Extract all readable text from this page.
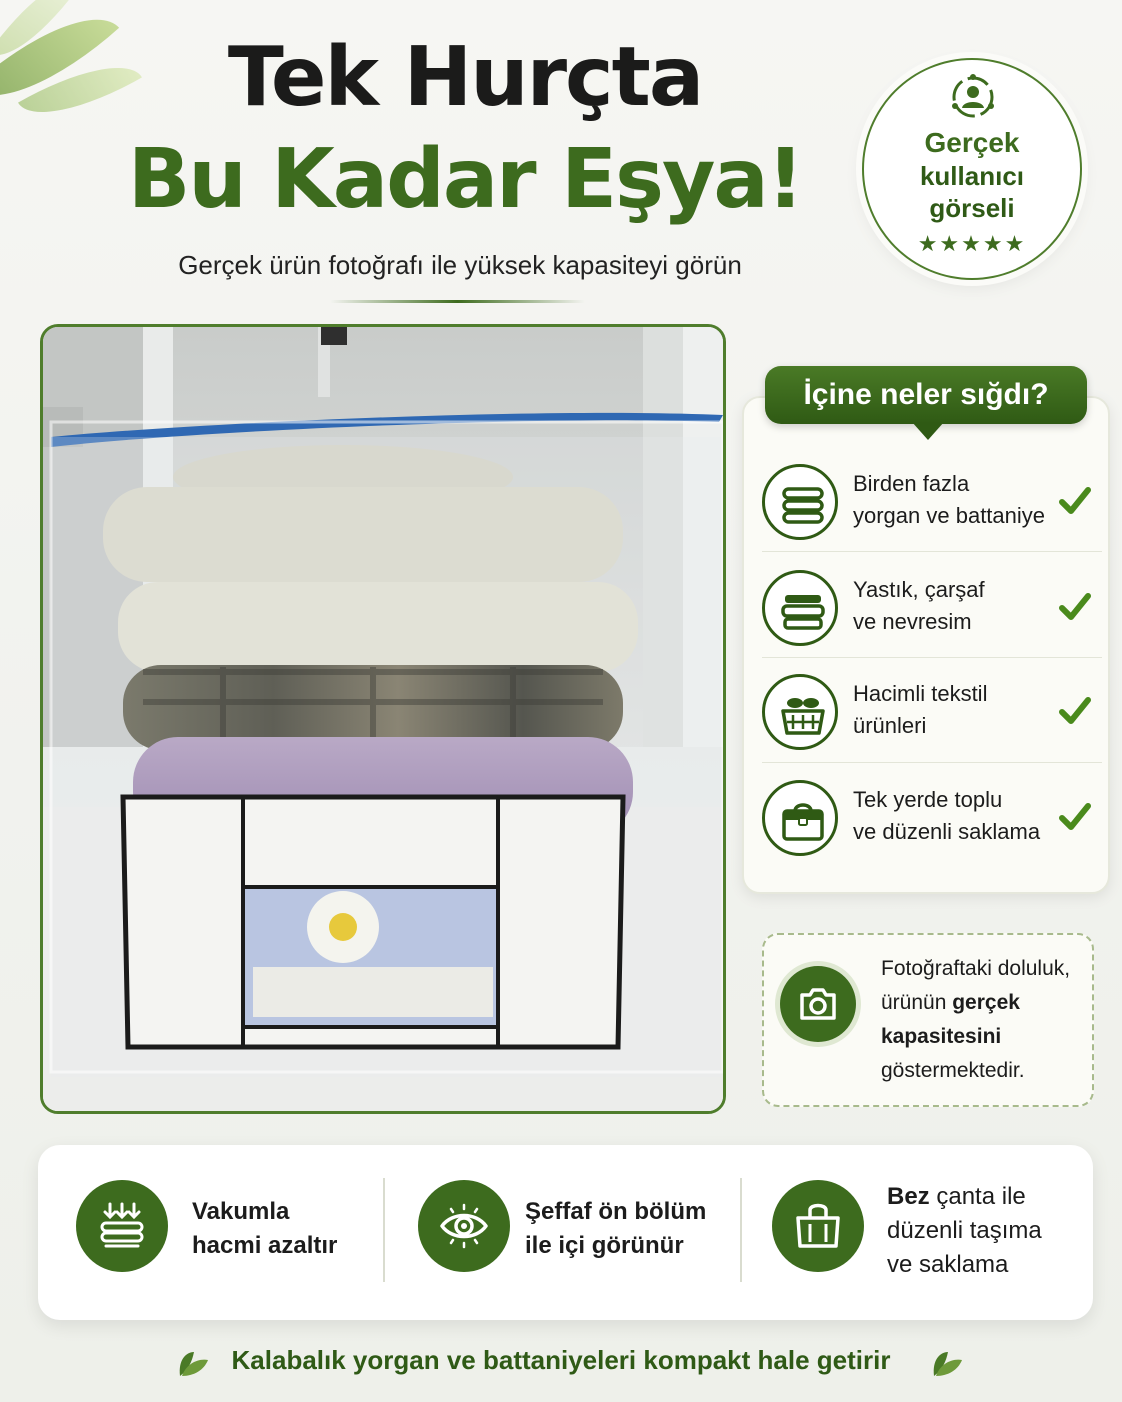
Tek Hurçta
Bu Kadar Eşya!
Gerçek ürün fotoğrafı ile yüksek kapasiteyi görün
Gerçek
kullanıcı
görseli
★★★★★
İçine neler sığdı?
Birden fazla
yorgan ve battaniye
Yastık, çarşaf
ve nevresim
Hacimli tekstil
ürünleri
Tek yerde toplu
ve düzenli saklama
Fotoğraftaki doluluk,
ürünün gerçek
kapasitesini
göstermektedir.
Vakumla
hacmi azaltır
Şeffaf ön bölüm
ile içi görünür
Bez çanta ile
düzenli taşıma
ve saklama
Kalabalık yorgan ve battaniyeleri kompakt hale getirir
